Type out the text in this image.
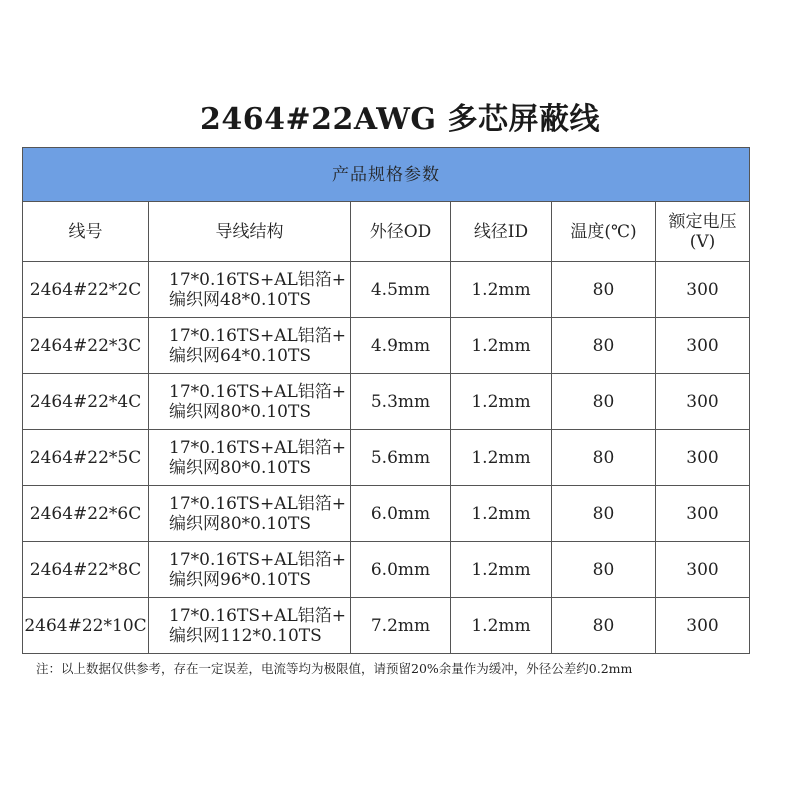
2464#22AWG 多芯屏蔽线
产品规格参数					
线号	导线结构	外径OD	线径ID	温度(℃)	额定电压
(V)

2464#22*2C	17*0.16TS+AL铝箔+
编织网48*0.10TS	4.5mm	1.2mm	80	300
2464#22*3C	17*0.16TS+AL铝箔+
编织网64*0.10TS	4.9mm	1.2mm	80	300
2464#22*4C	17*0.16TS+AL铝箔+
编织网80*0.10TS	5.3mm	1.2mm	80	300
2464#22*5C	17*0.16TS+AL铝箔+
编织网80*0.10TS	5.6mm	1.2mm	80	300
2464#22*6C	17*0.16TS+AL铝箔+
编织网80*0.10TS	6.0mm	1.2mm	80	300
2464#22*8C	17*0.16TS+AL铝箔+
编织网96*0.10TS	6.0mm	1.2mm	80	300
2464#22*10C	17*0.16TS+AL铝箔+
编织网112*0.10TS	7.2mm	1.2mm	80	300
注：以上数据仅供参考，存在一定误差，电流等均为极限值，请预留20%余量作为缓冲，外径公差约0.2mm
